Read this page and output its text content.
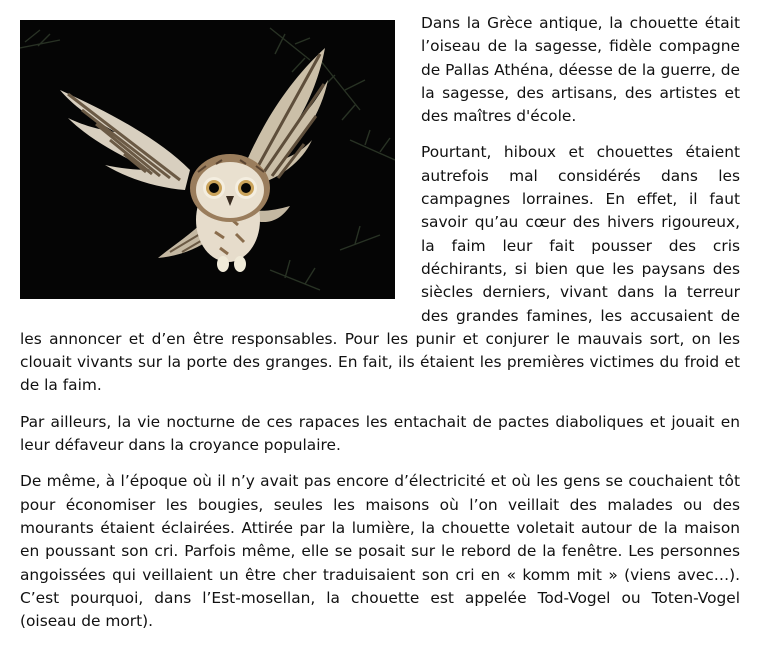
Dans la Grèce antique, la chouette était l’oiseau de la sagesse, fidèle compagne de Pallas Athéna, déesse de la guerre, de la sagesse, des artisans, des artistes et des maîtres d'école.

Pourtant, hiboux et chouettes étaient autrefois mal considérés dans les campagnes lorraines. En effet, il faut savoir qu’au cœur des hivers rigoureux, la faim leur fait pousser des cris déchirants, si bien que les paysans des siècles derniers, vivant dans la terreur des grandes famines, les accusaient de les annoncer et d’en être responsables. Pour les punir et conjurer le mauvais sort, on les clouait vivants sur la porte des granges. En fait, ils étaient les premières victimes du froid et de la faim.

Par ailleurs, la vie nocturne de ces rapaces les entachait de pactes diaboliques et jouait en leur défaveur dans la croyance populaire.

De même, à l’époque où il n’y avait pas encore d’électricité et où les gens se couchaient tôt pour économiser les bougies, seules les maisons où l’on veillait des malades ou des mourants étaient éclairées. Attirée par la lumière, la chouette voletait autour de la maison en poussant son cri. Parfois même, elle se posait sur le rebord de la fenêtre. Les personnes angoissées qui veillaient un être cher traduisaient son cri en « komm mit » (viens avec…). C’est pourquoi, dans l’Est-mosellan, la chouette est appelée Tod-Vogel ou Toten-Vogel (oiseau de mort).
